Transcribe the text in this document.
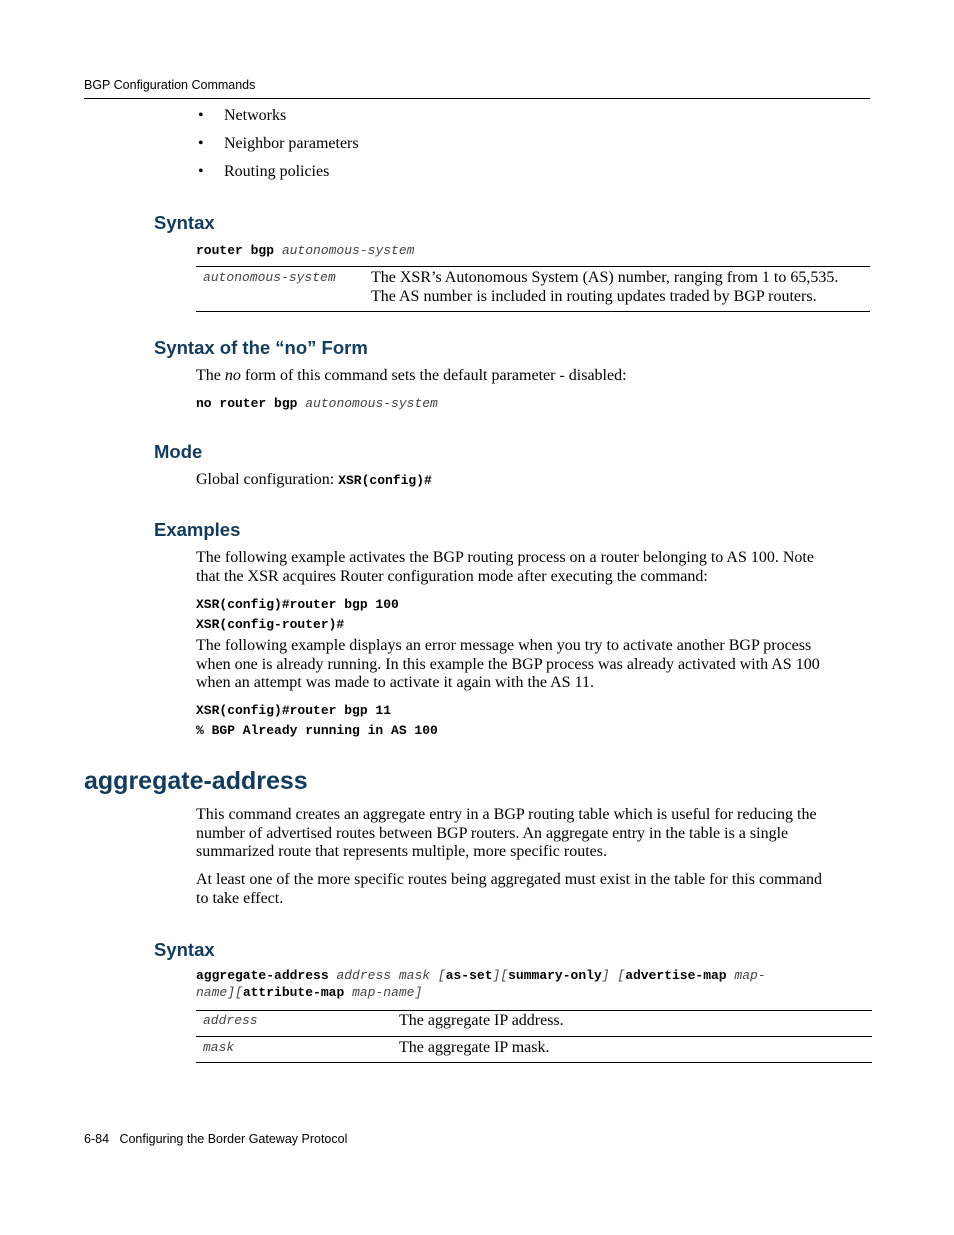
BGP Configuration Commands
• Networks
• Neighbor parameters
• Routing policies
Syntax
router bgp autonomous-system
autonomous-system The XSR’s Autonomous System (AS) number, ranging from 1 to 65,535.
The AS number is included in routing updates traded by BGP routers.
Syntax of the “no” Form

The no form of this command sets the default parameter - disabled:

no router bgp autonomous-system
Mode

Global configuration: XSR(config)#

Examples

The following example activates the BGP routing process on a router belonging to AS 100. Note
that the XSR acquires Router configuration mode after executing the command:

XSR(config)#router bgp 100
XSR(config-router)#

The following example displays an error message when you try to activate another BGP process
when one is already running. In this example the BGP process was already activated with AS 100
when an attempt was made to activate it again with the AS 11.

XSR(config)#router bgp 11
% BGP Already running in AS 100
aggregate-address

This command creates an aggregate entry in a BGP routing table which is useful for reducing the
number of advertised routes between BGP routers. An aggregate entry in the table is a single
summarized route that represents multiple, more specific routes.

At least one of the more specific routes being aggregated must exist in the table for this command
to take effect.

Syntax
aggregate-address address mask [as-set][summary-only] [advertise-map map-
name][attribute-map map-name]
address	The aggregate IP address.
mask	The aggregate IP mask.
6-84 Configuring the Border Gateway Protocol
